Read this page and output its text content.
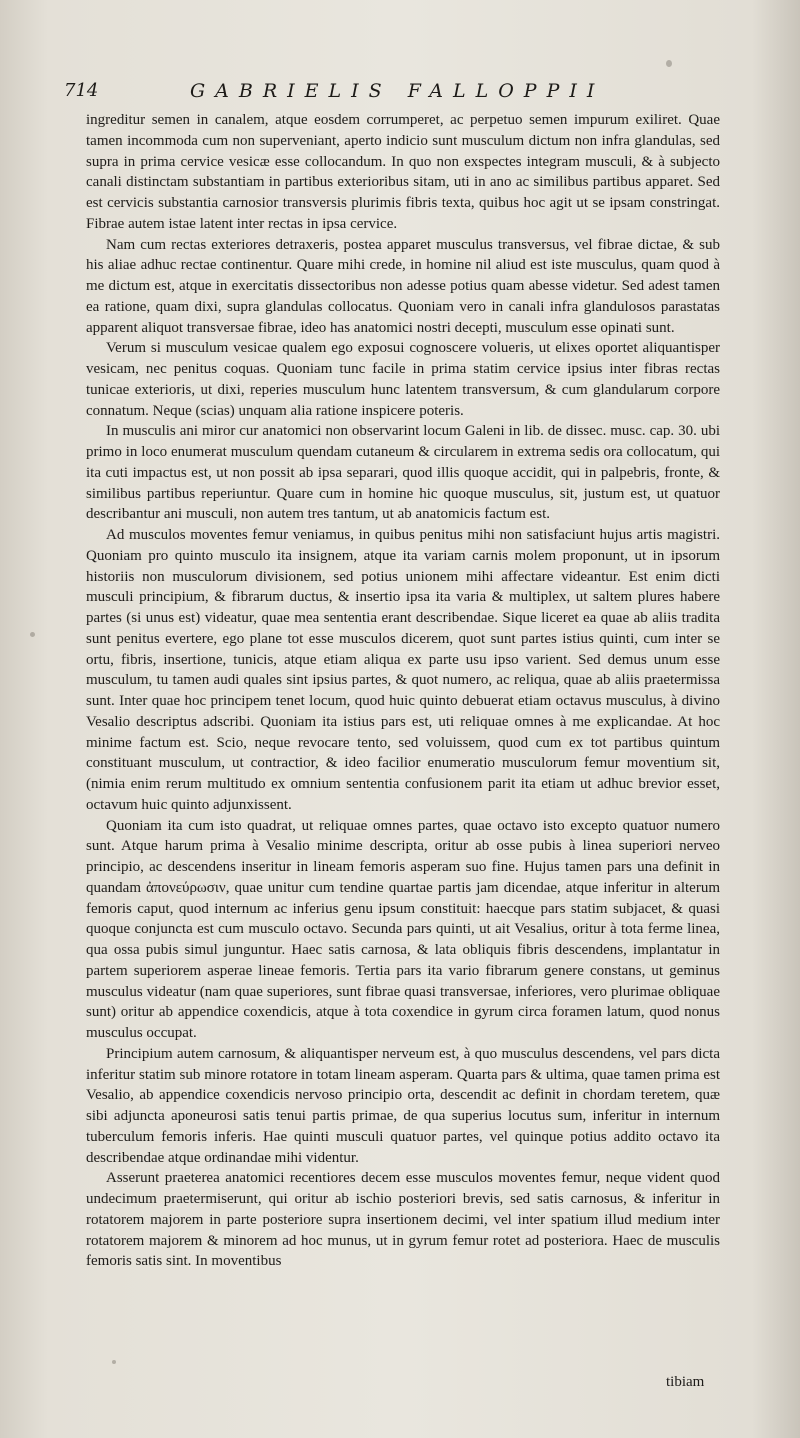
714	GABRIELIS FALLOPPII

ingreditur semen in canalem, atque eosdem corrumperet, ac perpetuo semen impurum exiliret. Quae tamen incommoda cum non superveniant, aperto indicio sunt musculum dictum non infra glandulas, sed supra in prima cervice vesicæ esse collocandum. In quo non exspectes integram musculi, & à subjecto canali distinctam substantiam in partibus exterioribus sitam, uti in ano ac similibus partibus apparet. Sed est cervicis substantia carnosior transversis plurimis fibris texta, quibus hoc agit ut se ipsam constringat. Fibrae autem istae latent inter rectas in ipsa cervice.

Nam cum rectas exteriores detraxeris, postea apparet musculus transversus, vel fibrae dictae, & sub his aliae adhuc rectae continentur. Quare mihi crede, in homine nil aliud est iste musculus, quam quod à me dictum est, atque in exercitatis dissectoribus non adesse potius quam abesse videtur. Sed adest tamen ea ratione, quam dixi, supra glandulas collocatus. Quoniam vero in canali infra glandulosos parastatas apparent aliquot transversae fibrae, ideo has anatomici nostri decepti, musculum esse opinati sunt.

Verum si musculum vesicae qualem ego exposui cognoscere volueris, ut elixes oportet aliquantisper vesicam, nec penitus coquas. Quoniam tunc facile in prima statim cervice ipsius inter fibras rectas tunicae exterioris, ut dixi, reperies musculum hunc latentem transversum, & cum glandularum corpore connatum. Neque (scias) unquam alia ratione inspicere poteris.

In musculis ani miror cur anatomici non observarint locum Galeni in lib. de dissec. musc. cap. 30. ubi primo in loco enumerat musculum quendam cutaneum & circularem in extrema sedis ora collocatum, qui ita cuti impactus est, ut non possit ab ipsa separari, quod illis quoque accidit, qui in palpebris, fronte, & similibus partibus reperiuntur. Quare cum in homine hic quoque musculus, sit, justum est, ut quatuor describantur ani musculi, non autem tres tantum, ut ab anatomicis factum est.

Ad musculos moventes femur veniamus, in quibus penitus mihi non satisfaciunt hujus artis magistri. Quoniam pro quinto musculo ita insignem, atque ita variam carnis molem proponunt, ut in ipsorum historiis non musculorum divisionem, sed potius unionem mihi affectare videantur. Est enim dicti musculi principium, & fibrarum ductus, & insertio ipsa ita varia & multiplex, ut saltem plures habere partes (si unus est) videatur, quae mea sententia erant describendae. Sique liceret ea quae ab aliis tradita sunt penitus evertere, ego plane tot esse musculos dicerem, quot sunt partes istius quinti, cum inter se ortu, fibris, insertione, tunicis, atque etiam aliqua ex parte usu ipso varient. Sed demus unum esse musculum, tu tamen audi quales sint ipsius partes, & quot numero, ac reliqua, quae ab aliis praetermissa sunt. Inter quae hoc principem tenet locum, quod huic quinto debuerat etiam octavus musculus, à divino Vesalio descriptus adscribi. Quoniam ita istius pars est, uti reliquae omnes à me explicandae. At hoc minime factum est. Scio, neque revocare tento, sed voluissem, quod cum ex tot partibus quintum constituant musculum, ut contractior, & ideo facilior enumeratio musculorum femur moventium sit, (nimia enim rerum multitudo ex omnium sententia confusionem parit ita etiam ut adhuc brevior esset, octavum huic quinto adjunxissent.

Quoniam ita cum isto quadrat, ut reliquae omnes partes, quae octavo isto excepto quatuor numero sunt. Atque harum prima à Vesalio minime descripta, oritur ab osse pubis à linea superiori nerveo principio, ac descendens inseritur in lineam femoris asperam suo fine. Hujus tamen pars una definit in quandam ἀπονεύρωσιν, quae unitur cum tendine quartae partis jam dicendae, atque inferitur in alterum femoris caput, quod internum ac inferius genu ipsum constituit: haecque pars statim subjacet, & quasi quoque conjuncta est cum musculo octavo. Secunda pars quinti, ut ait Vesalius, oritur à tota ferme linea, qua ossa pubis simul junguntur. Haec satis carnosa, & lata obliquis fibris descendens, implantatur in partem superiorem asperae lineae femoris. Tertia pars ita vario fibrarum genere constans, ut geminus musculus videatur (nam quae superiores, sunt fibrae quasi transversae, inferiores, vero plurimae obliquae sunt) oritur ab appendice coxendicis, atque à tota coxendice in gyrum circa foramen latum, quod nonus musculus occupat.

Principium autem carnosum, & aliquantisper nerveum est, à quo musculus descendens, vel pars dicta inferitur statim sub minore rotatore in totam lineam asperam. Quarta pars & ultima, quae tamen prima est Vesalio, ab appendice coxendicis nervoso principio orta, descendit ac definit in chordam teretem, quæ sibi adjuncta aponeurosi satis tenui partis primae, de qua superius locutus sum, inferitur in internum tuberculum femoris inferis. Hae quinti musculi quatuor partes, vel quinque potius addito octavo ita describendae atque ordinandae mihi videntur.

Asserunt praeterea anatomici recentiores decem esse musculos moventes femur, neque vident quod undecimum praetermiserunt, qui oritur ab ischio posteriori brevis, sed satis carnosus, & inferitur in rotatorem majorem in parte posteriore supra insertionem decimi, vel inter spatium illud medium inter rotatorem majorem & minorem ad hoc munus, ut in gyrum femur rotet ad posteriora. Haec de musculis femoris satis sint. In moventibus

tibiam
